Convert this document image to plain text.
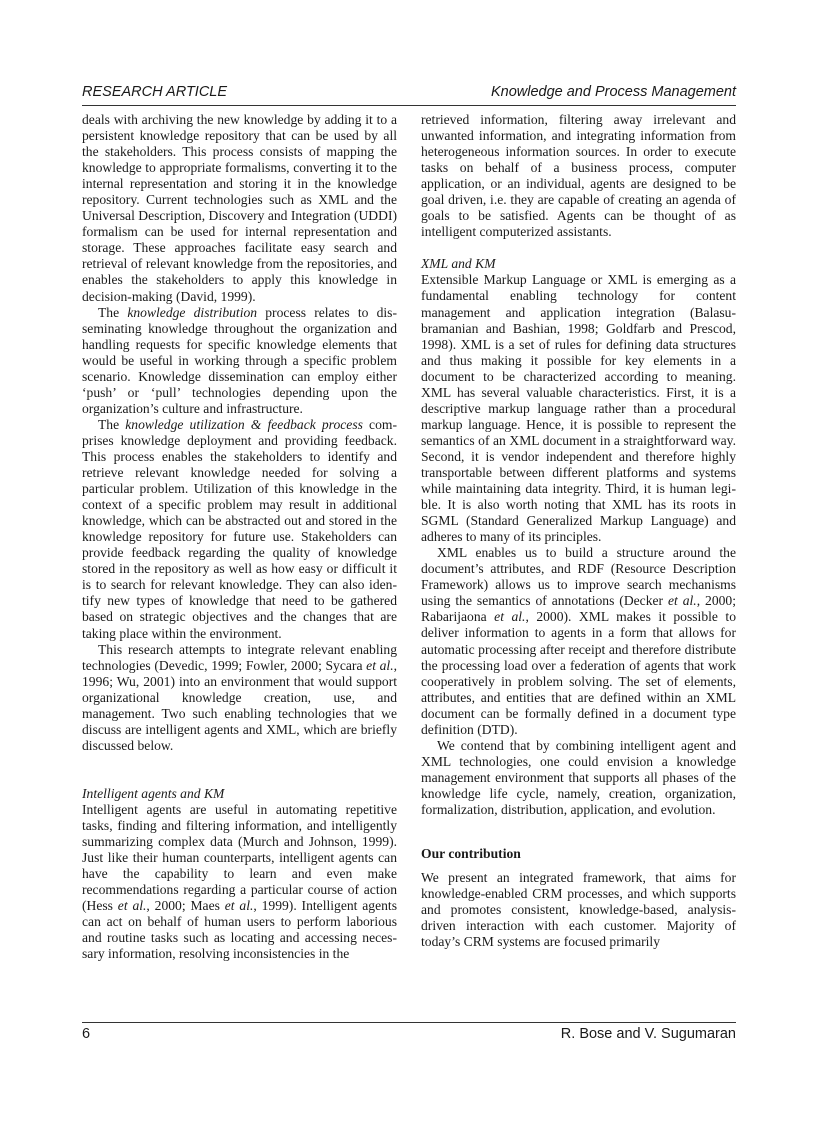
RESEARCH ARTICLE	Knowledge and Process Management

deals with archiving the new knowledge by adding it to a persistent knowledge repository that can be used by all the stakeholders. This process consists of mapping the knowledge to appropriate formalisms, converting it to the internal representation and storing it in the knowledge repository. Current technologies such as XML and the Universal Description, Discovery and Integration (UDDI) formalism can be used for internal representation and storage. These approaches facilitate easy search and retrieval of relevant knowledge from the repositories, and enables the stakeholders to apply this knowledge in decision-making (David, 1999).

The knowledge distribution process relates to disseminating knowledge throughout the organization and handling requests for specific knowledge elements that would be useful in working through a specific problem scenario. Knowledge dissemination can employ either ‘push’ or ‘pull’ technologies depending upon the organization’s culture and infrastructure.

The knowledge utilization & feedback process comprises knowledge deployment and providing feedback. This process enables the stakeholders to identify and retrieve relevant knowledge needed for solving a particular problem. Utilization of this knowledge in the context of a specific problem may result in additional knowledge, which can be abstracted out and stored in the knowledge repository for future use. Stakeholders can provide feedback regarding the quality of knowledge stored in the repository as well as how easy or difficult it is to search for relevant knowledge. They can also identify new types of knowledge that need to be gathered based on strategic objectives and the changes that are taking place within the environment.

This research attempts to integrate relevant enabling technologies (Devedic, 1999; Fowler, 2000; Sycara et al., 1996; Wu, 2001) into an environment that would support organizational knowledge creation, use, and management. Two such enabling technologies that we discuss are intelligent agents and XML, which are briefly discussed below.

Intelligent agents and KM

Intelligent agents are useful in automating repetitive tasks, finding and filtering information, and intelligently summarizing complex data (Murch and Johnson, 1999). Just like their human counterparts, intelligent agents can have the capability to learn and even make recommendations regarding a particular course of action (Hess et al., 2000; Maes et al., 1999). Intelligent agents can act on behalf of human users to perform laborious and routine tasks such as locating and accessing necessary information, resolving inconsistencies in the

retrieved information, filtering away irrelevant and unwanted information, and integrating information from heterogeneous information sources. In order to execute tasks on behalf of a business process, computer application, or an individual, agents are designed to be goal driven, i.e. they are capable of creating an agenda of goals to be satisfied. Agents can be thought of as intelligent computerized assistants.

XML and KM

Extensible Markup Language or XML is emerging as a fundamental enabling technology for content management and application integration (Balasubramanian and Bashian, 1998; Goldfarb and Prescod, 1998). XML is a set of rules for defining data structures and thus making it possible for key elements in a document to be characterized according to meaning. XML has several valuable characteristics. First, it is a descriptive markup language rather than a procedural markup language. Hence, it is possible to represent the semantics of an XML document in a straightforward way. Second, it is vendor independent and therefore highly transportable between different platforms and systems while maintaining data integrity. Third, it is human legible. It is also worth noting that XML has its roots in SGML (Standard Generalized Markup Language) and adheres to many of its principles.

XML enables us to build a structure around the document’s attributes, and RDF (Resource Description Framework) allows us to improve search mechanisms using the semantics of annotations (Decker et al., 2000; Rabarijaona et al., 2000). XML makes it possible to deliver information to agents in a form that allows for automatic processing after receipt and therefore distribute the processing load over a federation of agents that work cooperatively in problem solving. The set of elements, attributes, and entities that are defined within an XML document can be formally defined in a document type definition (DTD).

We contend that by combining intelligent agent and XML technologies, one could envision a knowledge management environment that supports all phases of the knowledge life cycle, namely, creation, organization, formalization, distribution, application, and evolution.

Our contribution

We present an integrated framework, that aims for knowledge-enabled CRM processes, and which supports and promotes consistent, knowledge-based, analysis-driven interaction with each customer. Majority of today’s CRM systems are focused primarily

6	R. Bose and V. Sugumaran
